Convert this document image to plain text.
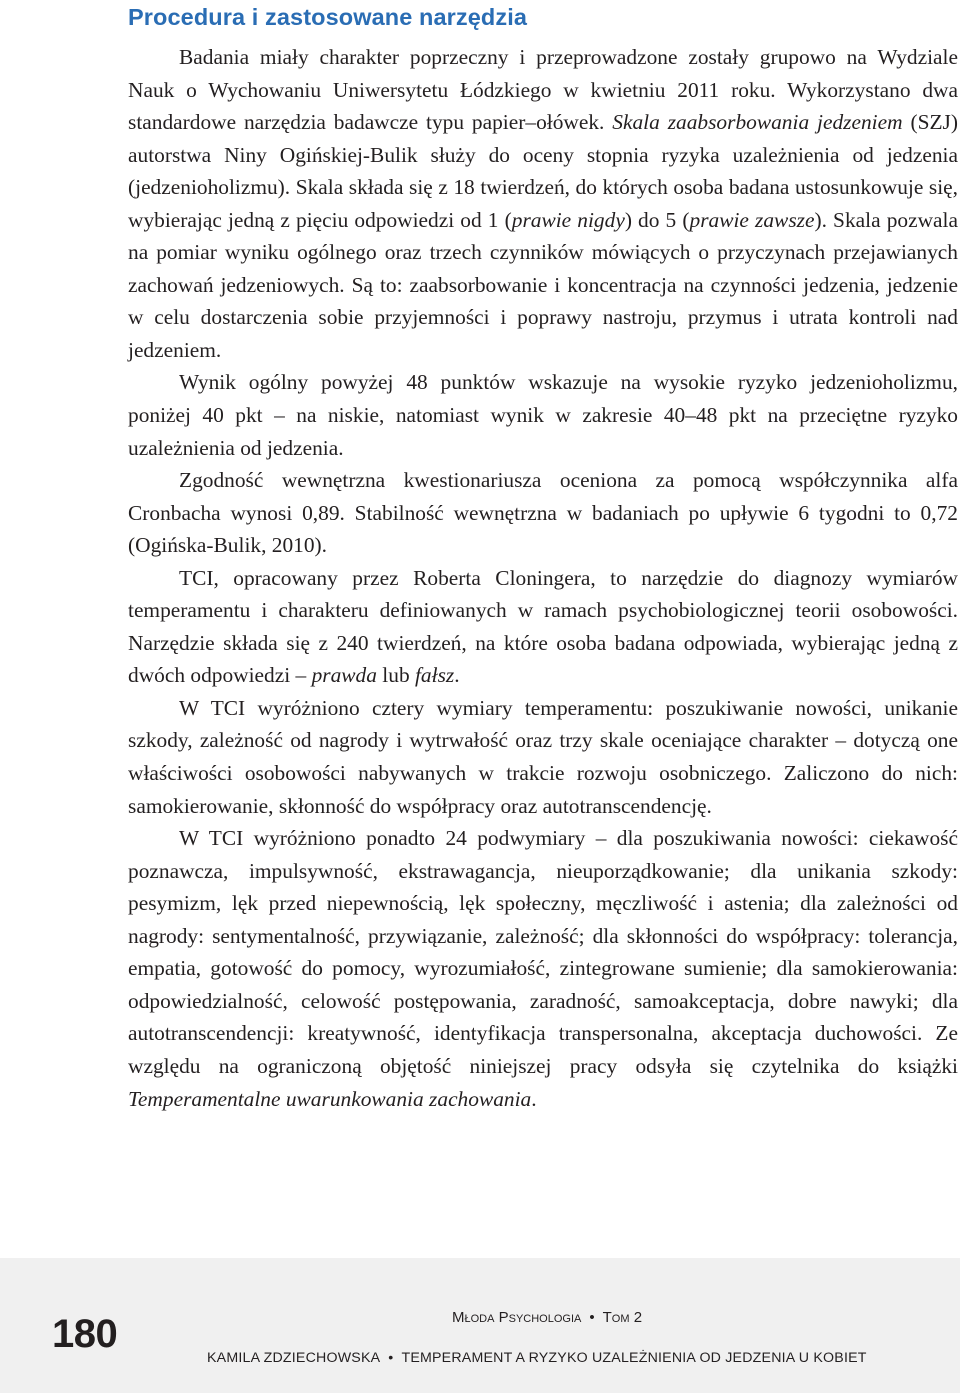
Procedura i zastosowane narzędzia

Badania miały charakter poprzeczny i przeprowadzone zostały grupowo na Wydziale Nauk o Wychowaniu Uniwersytetu Łódzkiego w kwietniu 2011 roku. Wykorzystano dwa standardowe narzędzia badawcze typu papier–ołówek. Skala zaabsorbowania jedzeniem (SZJ) autorstwa Niny Ogińskiej-Bulik służy do oceny stopnia ryzyka uzależnienia od jedzenia (jedzenioholizmu). Skala składa się z 18 twierdzeń, do których osoba badana ustosunkowuje się, wybierając jedną z pięciu odpowiedzi od 1 (prawie nigdy) do 5 (prawie zawsze). Skala pozwala na pomiar wyniku ogólnego oraz trzech czynników mówiących o przyczynach przejawianych zachowań jedzeniowych. Są to: zaabsorbowanie i koncentracja na czynności jedzenia, jedzenie w celu dostarczenia sobie przyjemności i poprawy nastroju, przymus i utrata kontroli nad jedzeniem.

Wynik ogólny powyżej 48 punktów wskazuje na wysokie ryzyko jedzenioholizmu, poniżej 40 pkt – na niskie, natomiast wynik w zakresie 40–48 pkt na przeciętne ryzyko uzależnienia od jedzenia.

Zgodność wewnętrzna kwestionariusza oceniona za pomocą współczynnika alfa Cronbacha wynosi 0,89. Stabilność wewnętrzna w badaniach po upływie 6 tygodni to 0,72 (Ogińska-Bulik, 2010).

TCI, opracowany przez Roberta Cloningera, to narzędzie do diagnozy wymiarów temperamentu i charakteru definiowanych w ramach psychobiologicznej teorii osobowości. Narzędzie składa się z 240 twierdzeń, na które osoba badana odpowiada, wybierając jedną z dwóch odpowiedzi – prawda lub fałsz.

W TCI wyróżniono cztery wymiary temperamentu: poszukiwanie nowości, unikanie szkody, zależność od nagrody i wytrwałość oraz trzy skale oceniające charakter – dotyczą one właściwości osobowości nabywanych w trakcie rozwoju osobniczego. Zaliczono do nich: samokierowanie, skłonność do współpracy oraz autotranscendencję.

W TCI wyróżniono ponadto 24 podwymiary – dla poszukiwania nowości: ciekawość poznawcza, impulsywność, ekstrawagancja, nieuporządkowanie; dla unikania szkody: pesymizm, lęk przed niepewnością, lęk społeczny, męczliwość i astenia; dla zależności od nagrody: sentymentalność, przywiązanie, zależność; dla skłonności do współpracy: tolerancja, empatia, gotowość do pomocy, wyrozumiałość, zintegrowane sumienie; dla samokierowania: odpowiedzialność, celowość postępowania, zaradność, samoakceptacja, dobre nawyki; dla autotranscendencji: kreatywność, identyfikacja transpersonalna, akceptacja duchowości. Ze względu na ograniczoną objętość niniejszej pracy odsyła się czytelnika do książki Temperamentalne uwarunkowania zachowania.

180	Młoda Psychologia • Tom 2
KAMILA ZDZIECHOWSKA • TEMPERAMENT A RYZYKO UZALEŻNIENIA OD JEDZENIA U KOBIET
